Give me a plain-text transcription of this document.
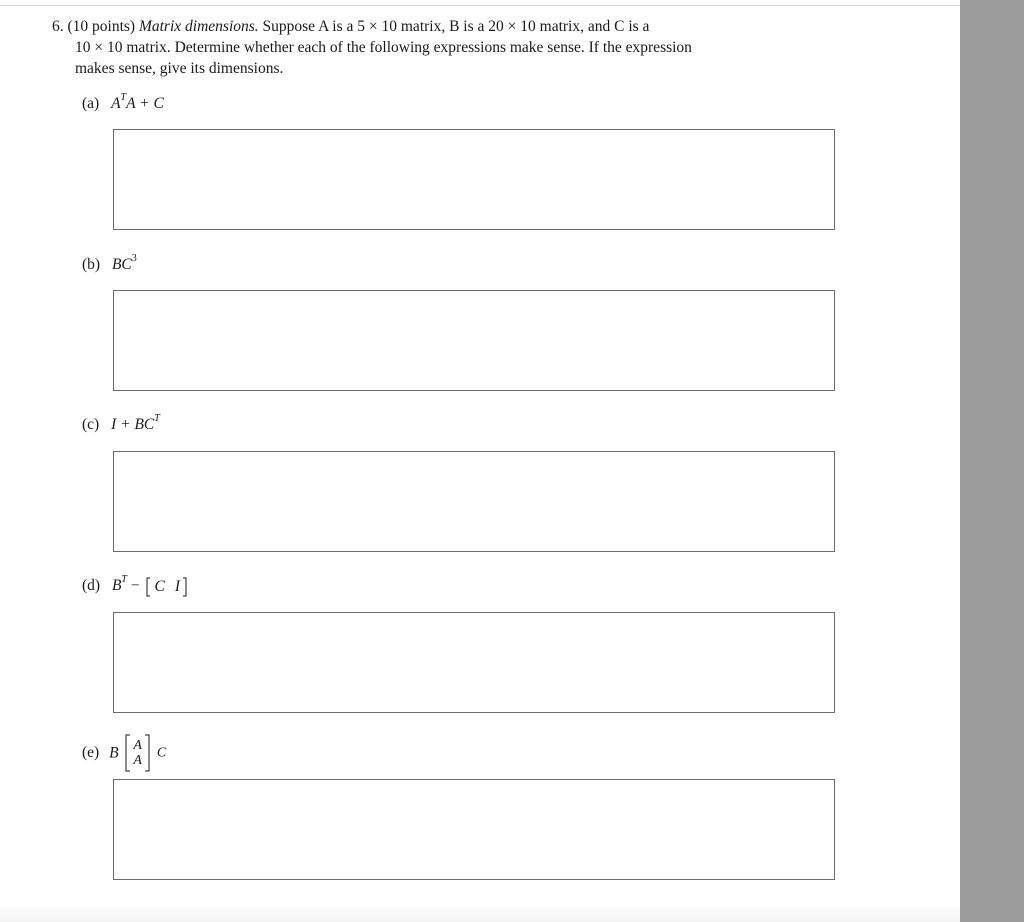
6. (10 points) Matrix dimensions. Suppose A is a 5 × 10 matrix, B is a 20 × 10 matrix, and C is a
10 × 10 matrix. Determine whether each of the following expressions make sense. If the expression
makes sense, give its dimensions.
(a) $A^TA + C$
(b) $BC^3$
(c) $I + BC^T$
(d) $B^T - C$ I
(e) B A
A
C
